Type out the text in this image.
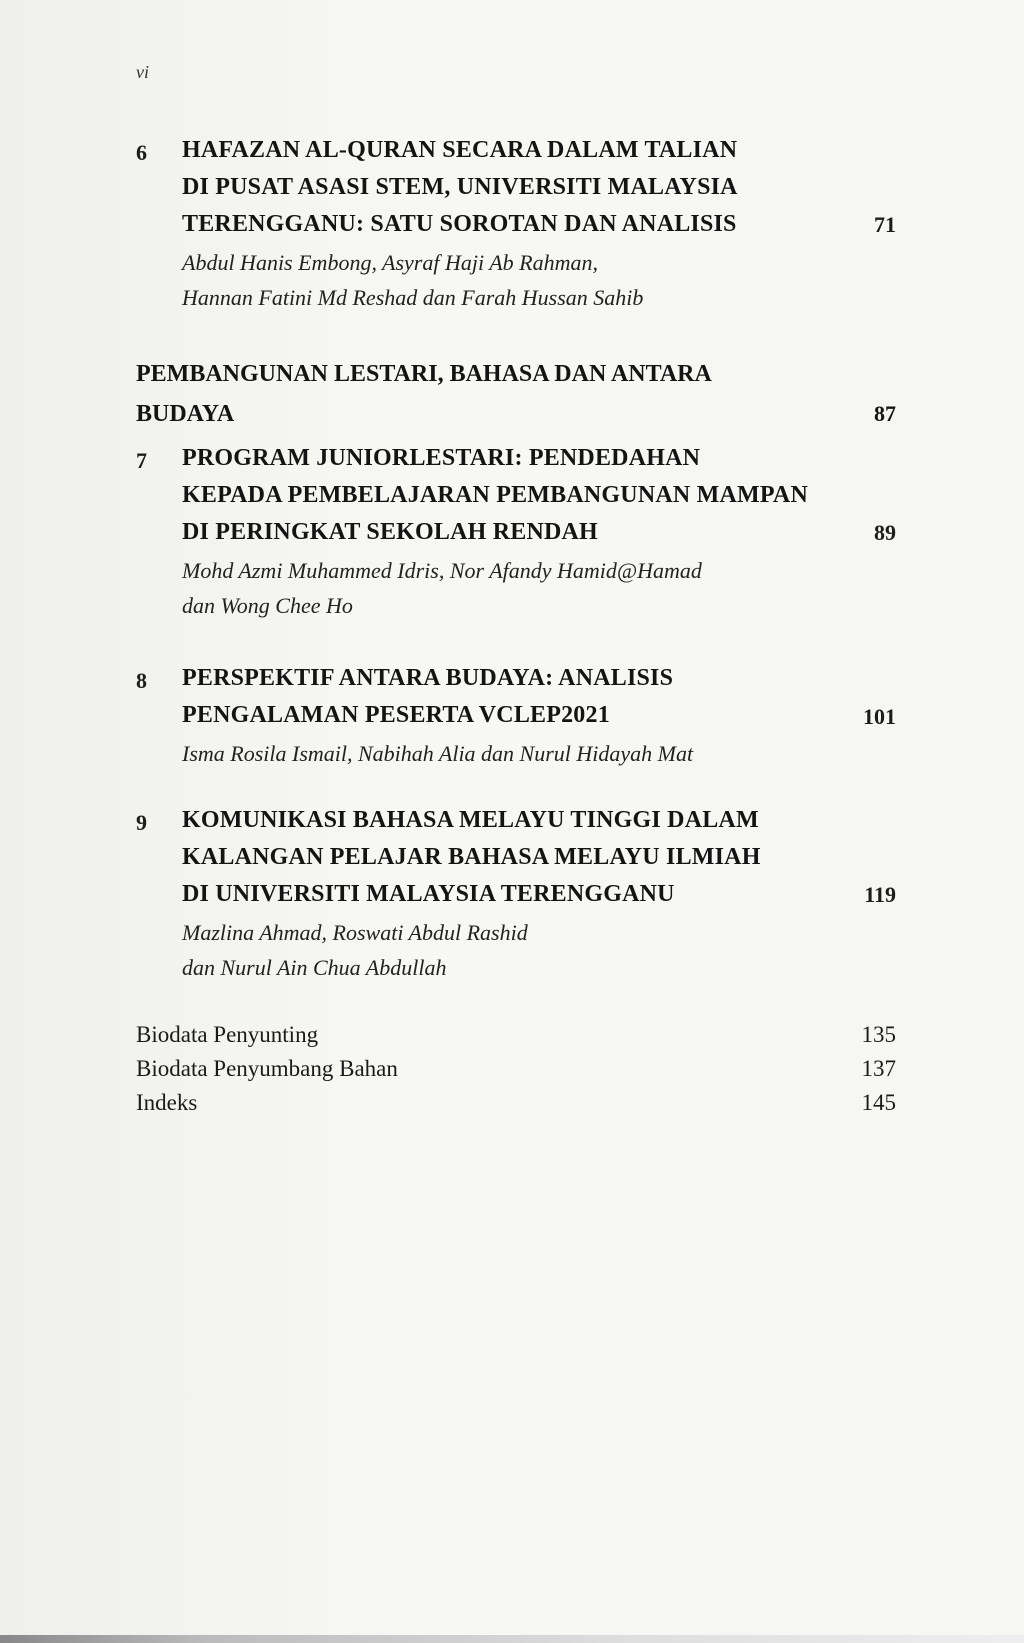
vi
6 HAFAZAN AL-QURAN SECARA DALAM TALIAN
DI PUSAT ASASI STEM, UNIVERSITI MALAYSIA
TERENGGANU: SATU SOROTAN DAN ANALISIS	71
Abdul Hanis Embong, Asyraf Haji Ab Rahman,
Hannan Fatini Md Reshad dan Farah Hussan Sahib
PEMBANGUNAN LESTARI, BAHASA DAN ANTARA
BUDAYA	87
7 PROGRAM JUNIORLESTARI: PENDEDAHAN
KEPADA PEMBELAJARAN PEMBANGUNAN MAMPAN
DI PERINGKAT SEKOLAH RENDAH	89
Mohd Azmi Muhammed Idris, Nor Afandy Hamid@Hamad
dan Wong Chee Ho
8 PERSPEKTIF ANTARA BUDAYA: ANALISIS
PENGALAMAN PESERTA VCLEP2021	101
Isma Rosila Ismail, Nabihah Alia dan Nurul Hidayah Mat
9 KOMUNIKASI BAHASA MELAYU TINGGI DALAM
KALANGAN PELAJAR BAHASA MELAYU ILMIAH
DI UNIVERSITI MALAYSIA TERENGGANU	119
Mazlina Ahmad, Roswati Abdul Rashid
dan Nurul Ain Chua Abdullah
Biodata Penyunting	135
Biodata Penyumbang Bahan	137
Indeks	145
